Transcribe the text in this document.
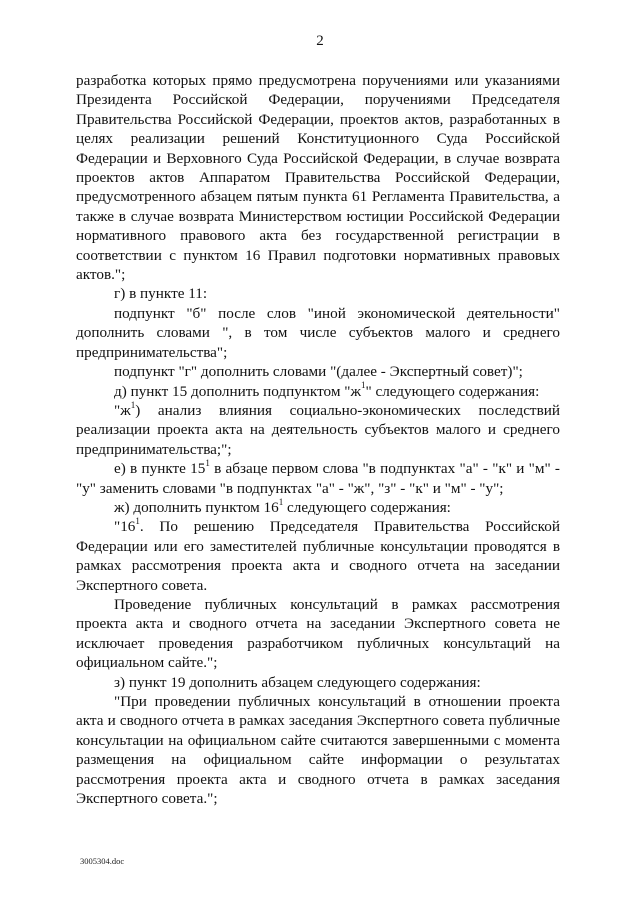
2

разработка которых прямо предусмотрена поручениями или указаниями Президента Российской Федерации, поручениями Председателя Правительства Российской Федерации, проектов актов, разработанных в целях реализации решений Конституционного Суда Российской Федерации и Верховного Суда Российской Федерации, в случае возврата проектов актов Аппаратом Правительства Российской Федерации, предусмотренного абзацем пятым пункта 61 Регламента Правительства, а также в случае возврата Министерством юстиции Российской Федерации нормативного правового акта без государственной регистрации в соответствии с пунктом 16 Правил подготовки нормативных правовых актов.";

г) в пункте 11:

подпункт "б" после слов "иной экономической деятельности" дополнить словами ", в том числе субъектов малого и среднего предпринимательства";

подпункт "г" дополнить словами "(далее - Экспертный совет)";

д) пункт 15 дополнить подпунктом "$ж^1$" следующего содержания:

"$ж^1$) анализ влияния социально-экономических последствий реализации проекта акта на деятельность субъектов малого и среднего предпринимательства;";

е) в пункте $15^1$ в абзаце первом слова "в подпунктах "а" - "к" и "м" - "у" заменить словами "в подпунктах "а" - "ж", "з" - "к" и "м" - "у";

ж) дополнить пунктом $16^1$ следующего содержания:

"$16^1$. По решению Председателя Правительства Российской Федерации или его заместителей публичные консультации проводятся в рамках рассмотрения проекта акта и сводного отчета на заседании Экспертного совета.

Проведение публичных консультаций в рамках рассмотрения проекта акта и сводного отчета на заседании Экспертного совета не исключает проведения разработчиком публичных консультаций на официальном сайте.";

з) пункт 19 дополнить абзацем следующего содержания:

"При проведении публичных консультаций в отношении проекта акта и сводного отчета в рамках заседания Экспертного совета публичные консультации на официальном сайте считаются завершенными с момента размещения на официальном сайте информации о результатах рассмотрения проекта акта и сводного отчета в рамках заседания Экспертного совета.";

3005304.doc
